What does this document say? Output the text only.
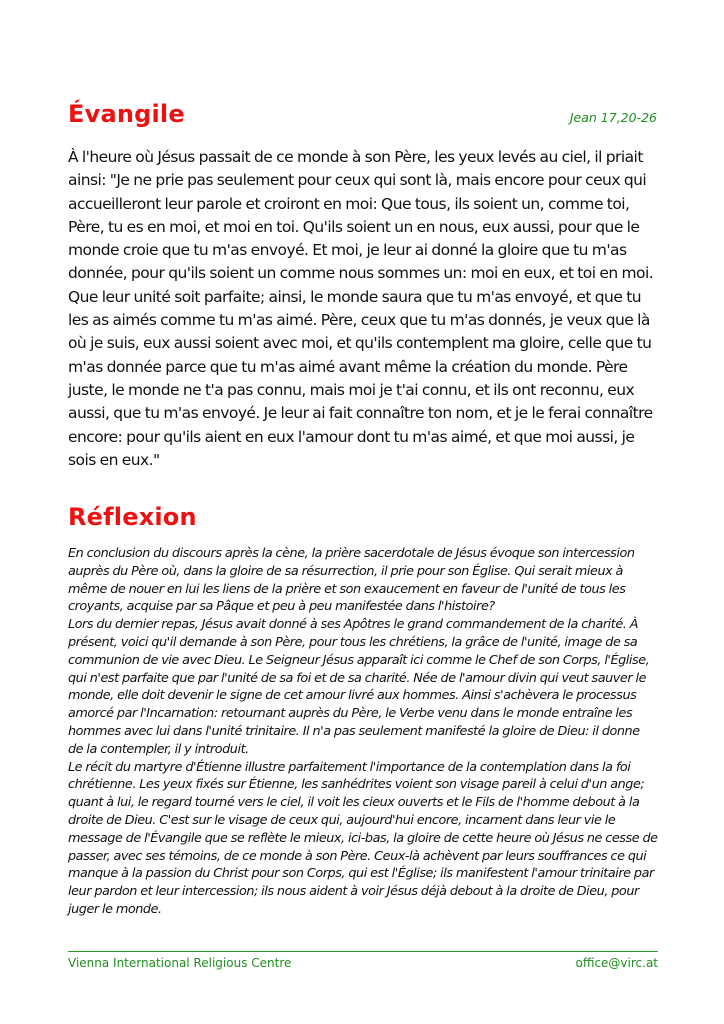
Évangile	Jean 17,20-26

À l'heure où Jésus passait de ce monde à son Père, les yeux levés au ciel, il priait ainsi: "Je ne prie pas seulement pour ceux qui sont là, mais encore pour ceux qui accueilleront leur parole et croiront en moi: Que tous, ils soient un, comme toi, Père, tu es en moi, et moi en toi. Qu'ils soient un en nous, eux aussi, pour que le monde croie que tu m'as envoyé. Et moi, je leur ai donné la gloire que tu m'as donnée, pour qu'ils soient un comme nous sommes un: moi en eux, et toi en moi. Que leur unité soit parfaite; ainsi, le monde saura que tu m'as envoyé, et que tu les as aimés comme tu m'as aimé. Père, ceux que tu m'as donnés, je veux que là où je suis, eux aussi soient avec moi, et qu'ils contemplent ma gloire, celle que tu m'as donnée parce que tu m'as aimé avant même la création du monde. Père juste, le monde ne t'a pas connu, mais moi je t'ai connu, et ils ont reconnu, eux aussi, que tu m'as envoyé. Je leur ai fait connaître ton nom, et je le ferai connaître encore: pour qu'ils aient en eux l'amour dont tu m'as aimé, et que moi aussi, je sois en eux."

Réflexion

En conclusion du discours après la cène, la prière sacerdotale de Jésus évoque son intercession auprès du Père où, dans la gloire de sa résurrection, il prie pour son Église. Qui serait mieux à même de nouer en lui les liens de la prière et son exaucement en faveur de l'unité de tous les croyants, acquise par sa Pâque et peu à peu manifestée dans l'histoire?

Lors du dernier repas, Jésus avait donné à ses Apôtres le grand commandement de la charité. À présent, voici qu'il demande à son Père, pour tous les chrétiens, la grâce de l'unité, image de sa communion de vie avec Dieu. Le Seigneur Jésus apparaît ici comme le Chef de son Corps, l'Église, qui n'est parfaite que par l'unité de sa foi et de sa charité. Née de l'amour divin qui veut sauver le monde, elle doit devenir le signe de cet amour livré aux hommes. Ainsi s'achèvera le processus amorcé par l'Incarnation: retournant auprès du Père, le Verbe venu dans le monde entraîne les hommes avec lui dans l'unité trinitaire. Il n'a pas seulement manifesté la gloire de Dieu: il donne de la contempler, il y introduit.

Le récit du martyre d'Étienne illustre parfaitement l'importance de la contemplation dans la foi chrétienne. Les yeux fixés sur Étienne, les sanhédrites voient son visage pareil à celui d'un ange; quant à lui, le regard tourné vers le ciel, il voit les cieux ouverts et le Fils de l'homme debout à la droite de Dieu. C'est sur le visage de ceux qui, aujourd'hui encore, incarnent dans leur vie le message de l'Évangile que se reflète le mieux, ici-bas, la gloire de cette heure où Jésus ne cesse de passer, avec ses témoins, de ce monde à son Père. Ceux-là achèvent par leurs souffrances ce qui manque à la passion du Christ pour son Corps, qui est l'Église; ils manifestent l'amour trinitaire par leur pardon et leur intercession; ils nous aident à voir Jésus déjà debout à la droite de Dieu, pour juger le monde.

Vienna International Religious Centre	office@virc.at
